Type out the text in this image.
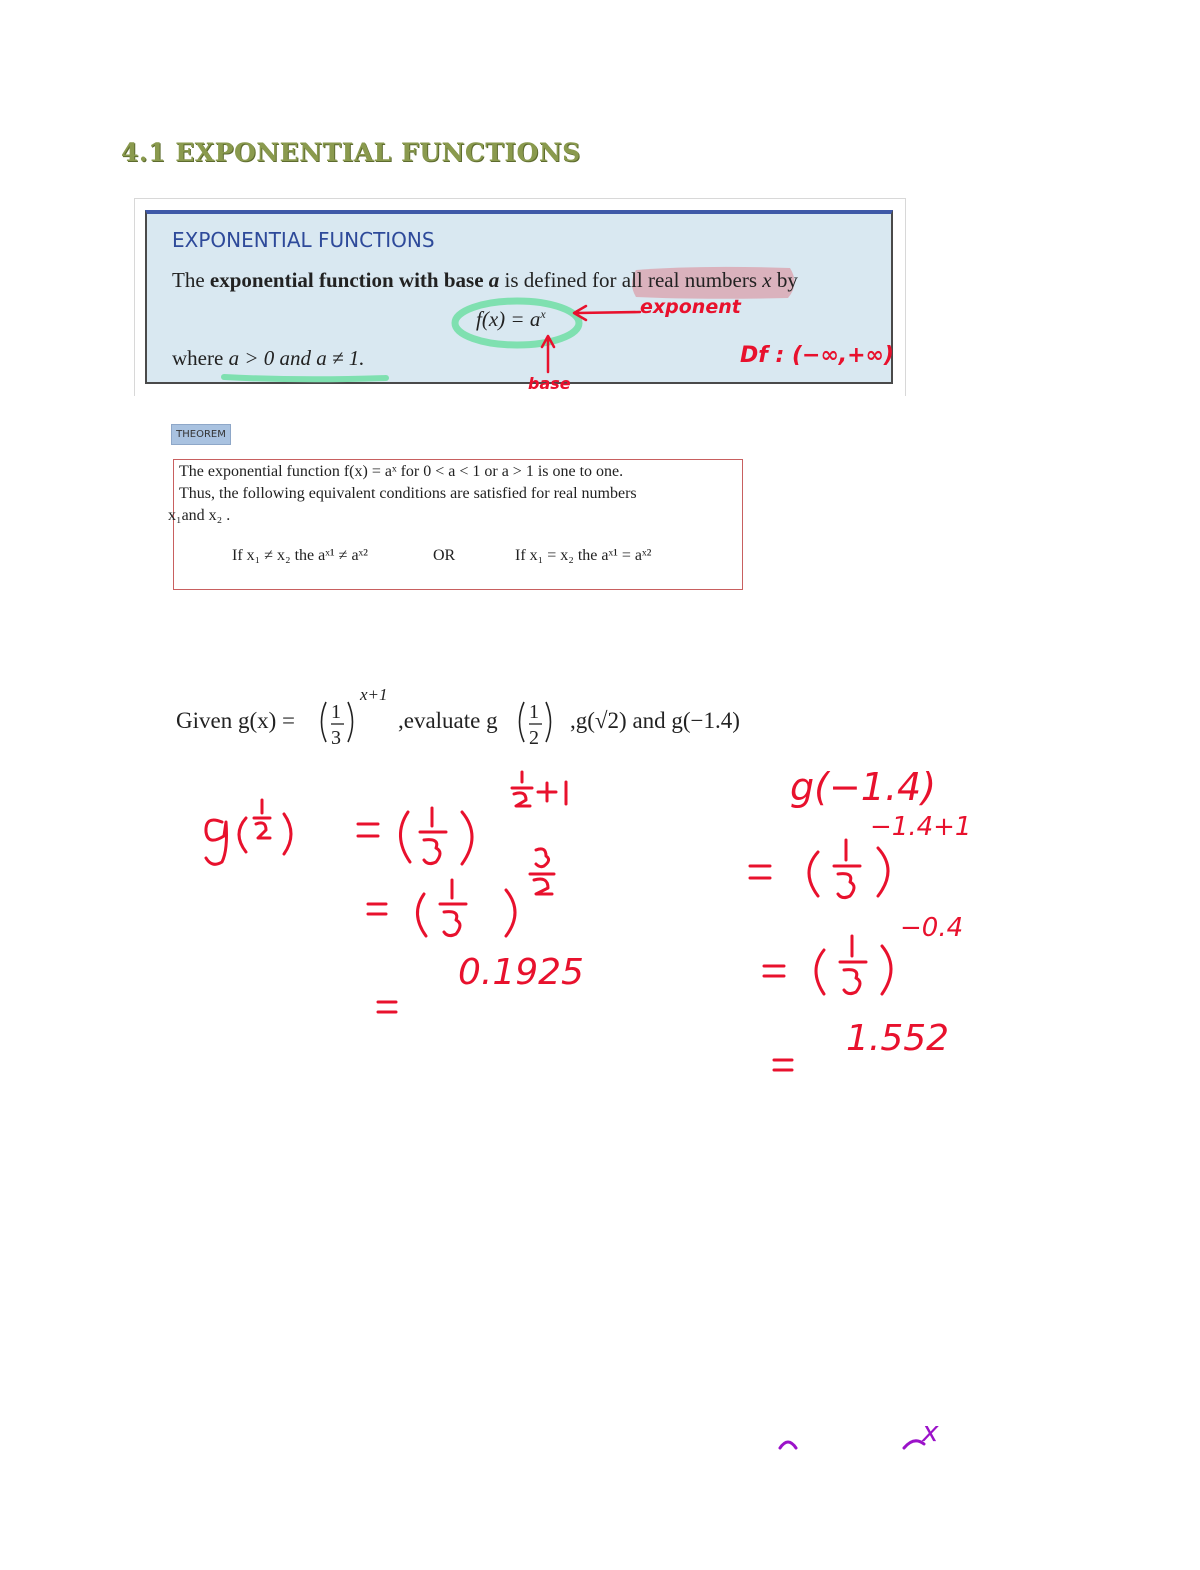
4.1 EXPONENTIAL FUNCTIONS
EXPONENTIAL FUNCTIONS
The exponential function with base a is defined for all real numbers x by
$f(x) = a^x$
where a > 0 and a ≠ 1.
THEOREM
The exponential function f(x) = aˣ for 0 < a < 1 or a > 1 is one to one.
Thus, the following equivalent conditions are satisfied for real numbers
x₁and x₂ .
If x₁ ≠ x₂ the aˣ¹ ≠ aˣ²	OR	If x₁ = x₂ the aˣ¹ = aˣ²
Given g(x) = 1
3
x+1
1
2
,evaluate g	,g(√2) and g(−1.4)
exponent
base
Df : (−∞,+∞)
0.1925
g(−1.4)
−1.4+1
−0.4
1.552
x
